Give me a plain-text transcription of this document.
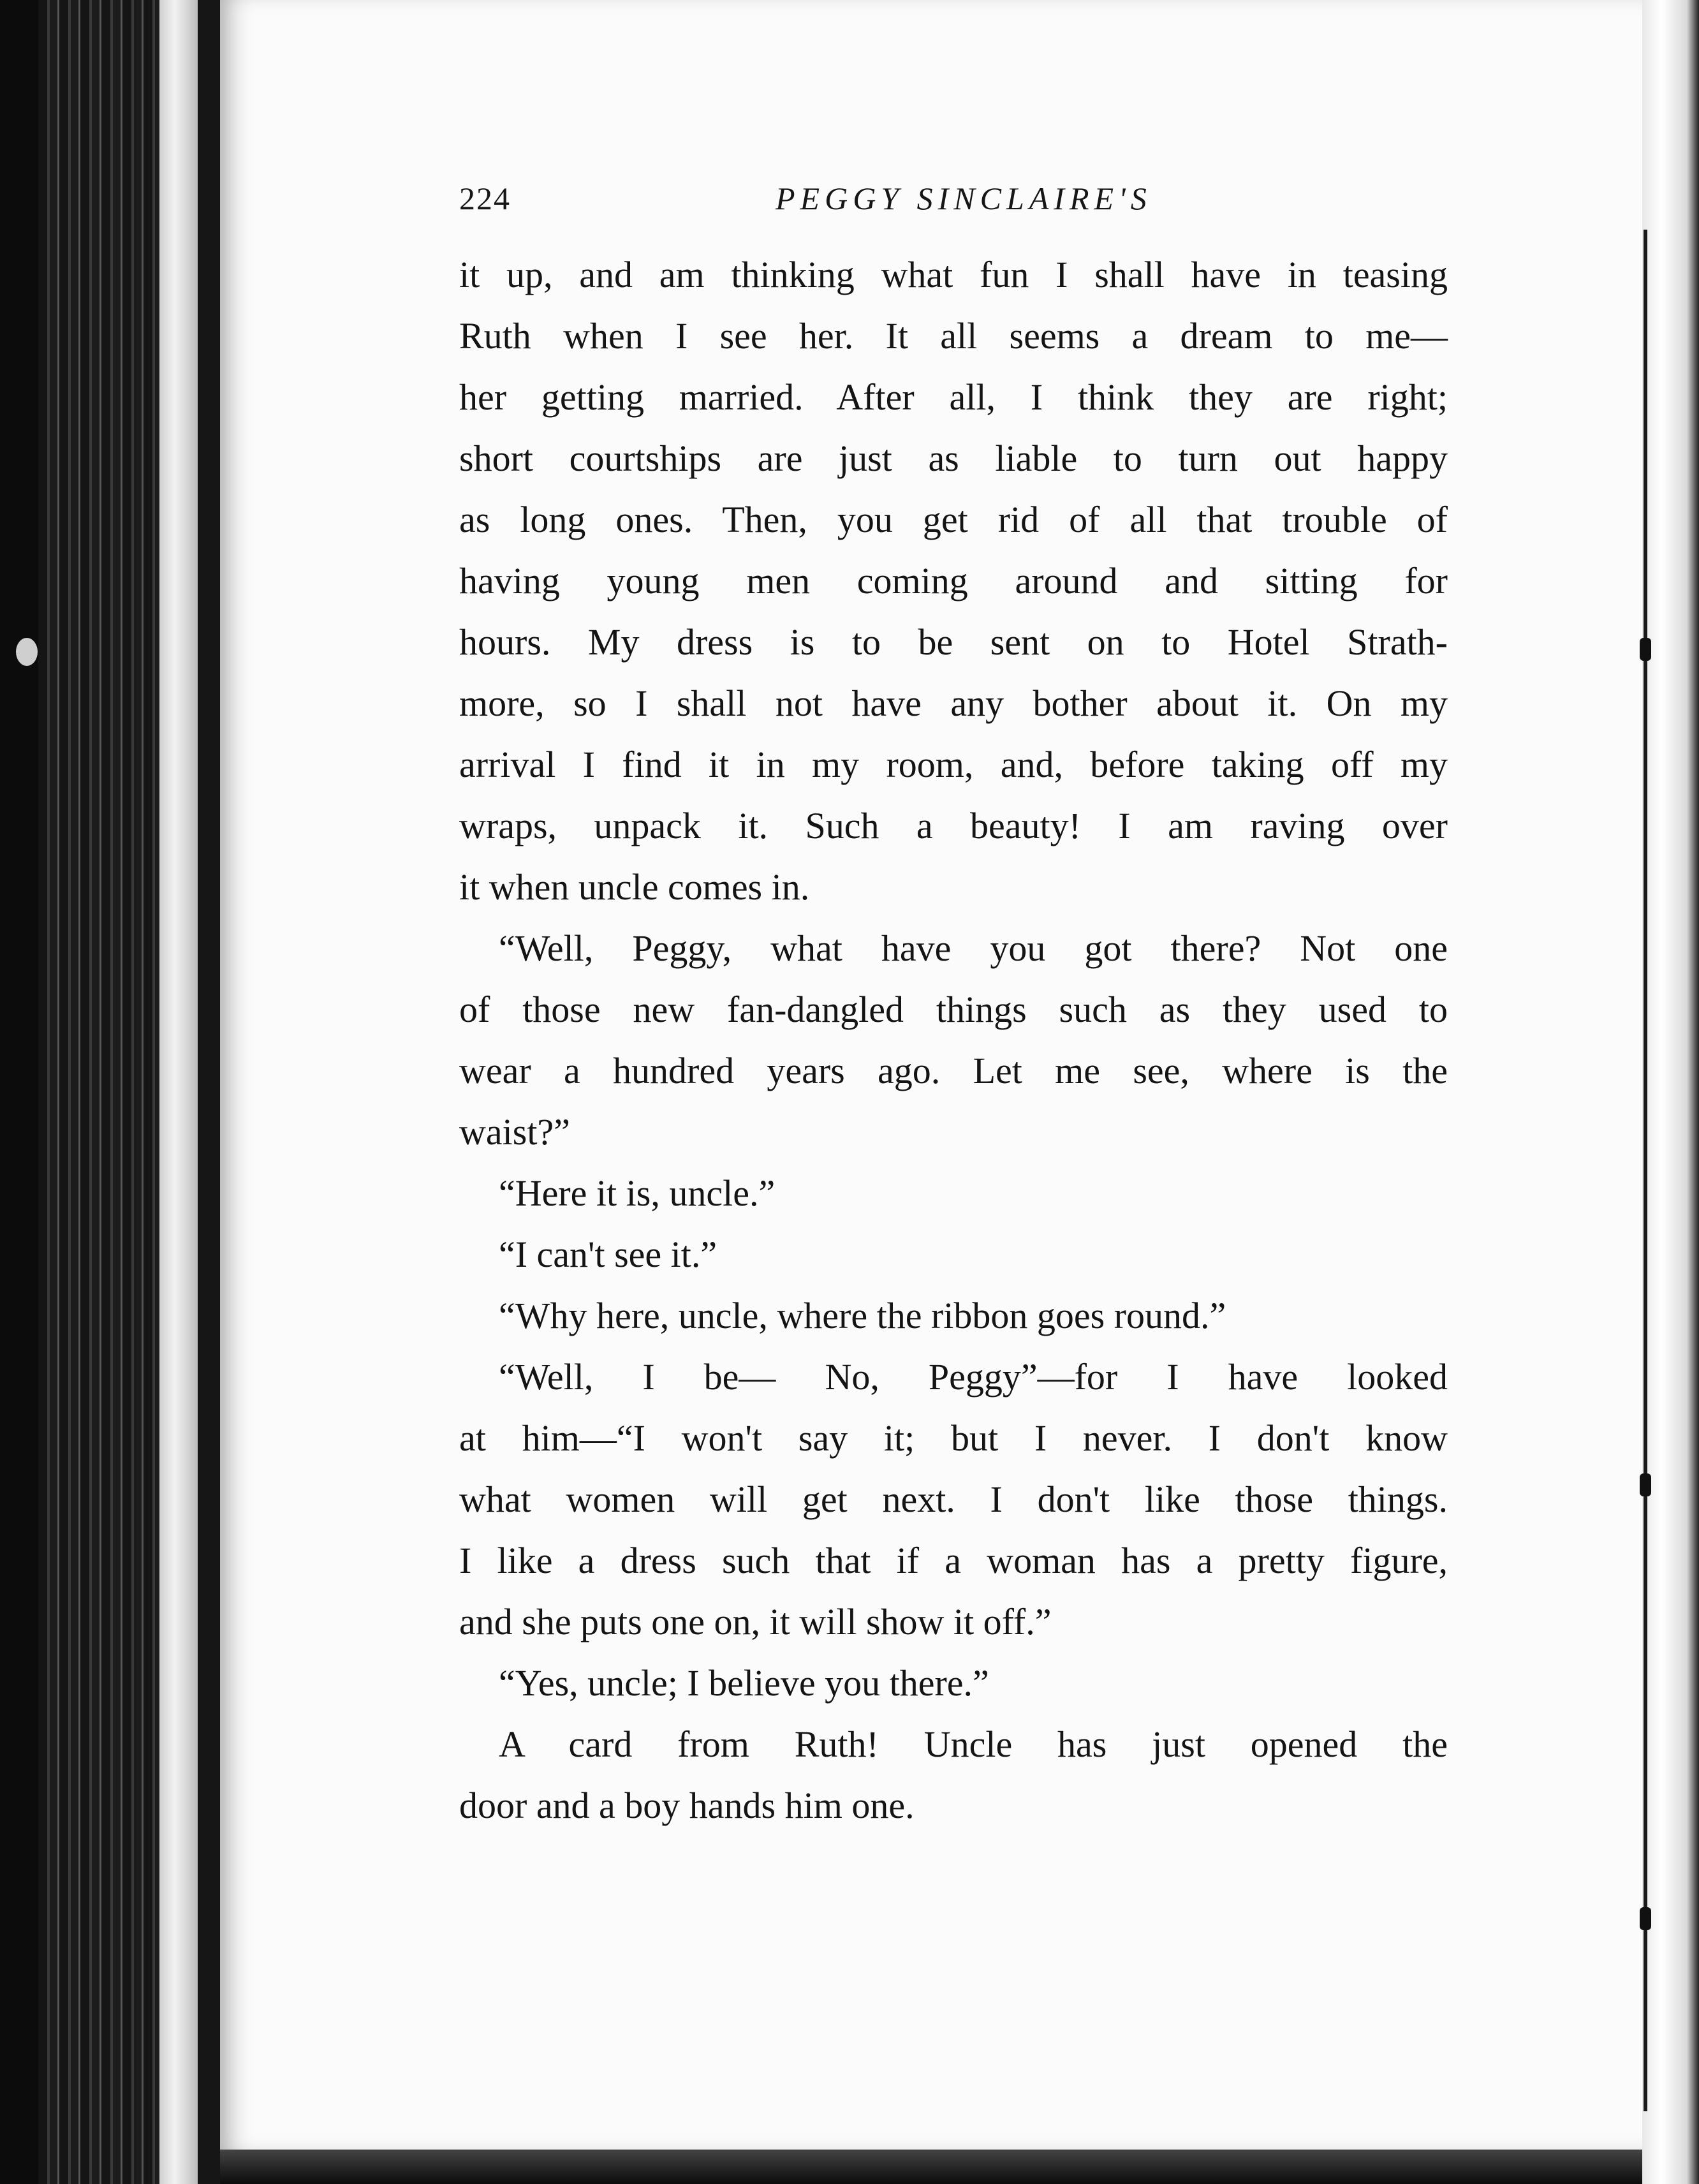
224	PEGGY SINCLAIRE'S
it up, and am thinking what fun I shall have in teasing
Ruth when I see her. It all seems a dream to me—
her getting married. After all, I think they are right;
short courtships are just as liable to turn out happy
as long ones. Then, you get rid of all that trouble of
having young men coming around and sitting for
hours. My dress is to be sent on to Hotel Strath-
more, so I shall not have any bother about it. On my
arrival I find it in my room, and, before taking off my
wraps, unpack it. Such a beauty! I am raving over
it when uncle comes in.
“Well, Peggy, what have you got there? Not one
of those new fan-dangled things such as they used to
wear a hundred years ago. Let me see, where is the
waist?”
“Here it is, uncle.”
“I can't see it.”
“Why here, uncle, where the ribbon goes round.”
“Well, I be— No, Peggy”—for I have looked
at him—“I won't say it; but I never. I don't know
what women will get next. I don't like those things.
I like a dress such that if a woman has a pretty figure,
and she puts one on, it will show it off.”
“Yes, uncle; I believe you there.”
A card from Ruth! Uncle has just opened the
door and a boy hands him one.
